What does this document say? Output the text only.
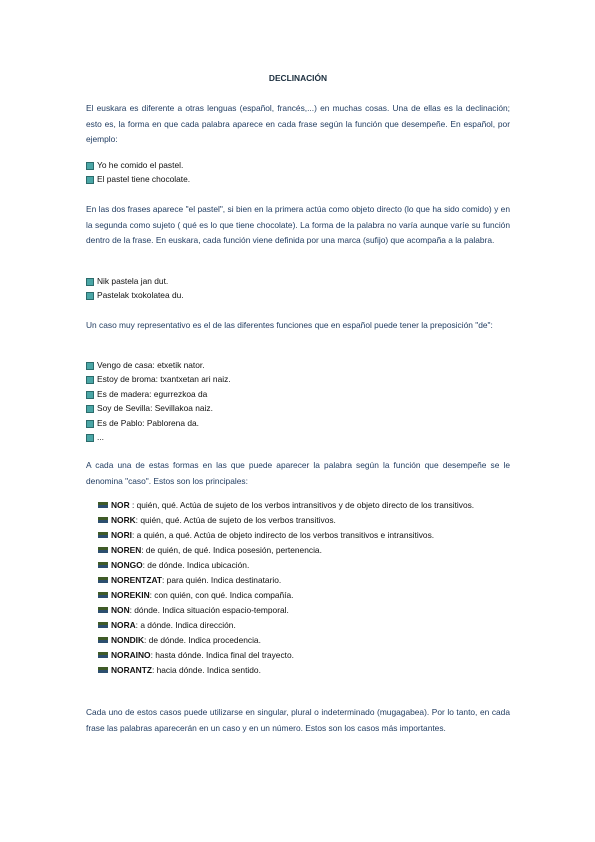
DECLINACIÓN

El euskara es diferente a otras lenguas (español, francés,...) en muchas cosas. Una de ellas es la declinación; esto es, la forma en que cada palabra aparece en cada frase según la función que desempeñe. En español, por ejemplo:

Yo he comido el pastel.
El pastel tiene chocolate.

En las dos frases aparece "el pastel", si bien en la primera actúa como objeto directo (lo que ha sido comido) y en la segunda como sujeto ( qué es lo que tiene chocolate). La forma de la palabra no varía aunque varíe su función dentro de la frase. En euskara, cada función viene definida por una marca (sufijo) que acompaña a la palabra.

Nik pastela jan dut.
Pastelak txokolatea du.

Un caso muy representativo es el de las diferentes funciones que en español puede tener la preposición "de":

Vengo de casa: etxetik nator.
Estoy de broma: txantxetan ari naiz.
Es de madera: egurrezkoa da
Soy de Sevilla: Sevillakoa naiz.
Es de Pablo: Pablorena da.
...

A cada una de estas formas en las que puede aparecer la palabra según la función que desempeñe se le denomina "caso". Estos son los principales:

NOR : quién, qué. Actúa de sujeto de los verbos intransitivos y de objeto directo de los transitivos.
NORK: quién, qué. Actúa de sujeto de los verbos transitivos.
NORI: a quién, a qué. Actúa de objeto indirecto de los verbos transitivos e intransitivos.
NOREN: de quién, de qué. Indica posesión, pertenencia.
NONGO: de dónde. Indica ubicación.
NORENTZAT: para quién. Indica destinatario.
NOREKIN: con quién, con qué. Indica compañía.
NON: dónde. Indica situación espacio-temporal.
NORA: a dónde. Indica dirección.
NONDIK: de dónde. Indica procedencia.
NORAINO: hasta dónde. Indica final del trayecto.
NORANTZ: hacia dónde. Indica sentido.

Cada uno de estos casos puede utilizarse en singular, plural o indeterminado (mugagabea). Por lo tanto, en cada frase las palabras aparecerán en un caso y en un número. Estos son los casos más importantes.
